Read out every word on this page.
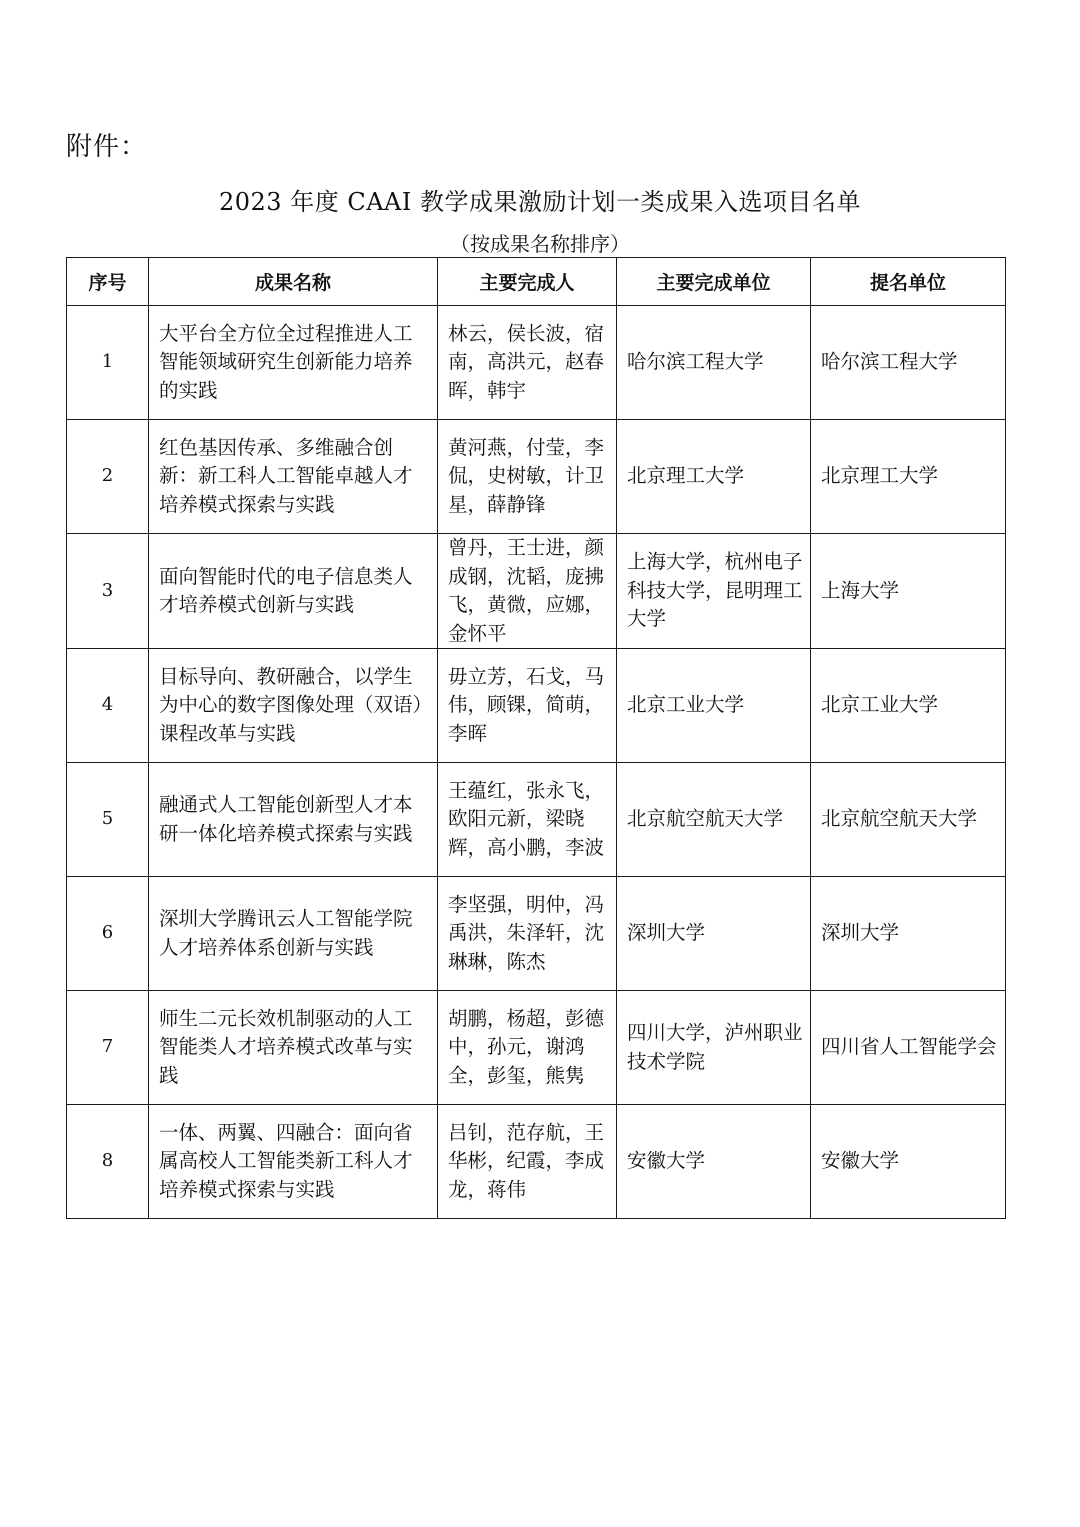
附件：
2023 年度 CAAI 教学成果激励计划一类成果入选项目名单
（按成果名称排序）
序号	成果名称	主要完成人	主要完成单位	提名单位
1	大平台全方位全过程推进人工智能领域研究生创新能力培养的实践	林云，侯长波，宿南，高洪元，赵春晖，韩宇	哈尔滨工程大学	哈尔滨工程大学
2	红色基因传承、多维融合创新：新工科人工智能卓越人才培养模式探索与实践	黄河燕，付莹，李侃，史树敏，计卫星，薛静锋	北京理工大学	北京理工大学
3	面向智能时代的电子信息类人才培养模式创新与实践	曾丹，王士进，颜成钢，沈韬，庞拂飞，黄微，应娜，金怀平	上海大学，杭州电子科技大学，昆明理工大学	上海大学
4	目标导向、教研融合，以学生为中心的数字图像处理（双语）课程改革与实践	毋立芳，石戈，马伟，顾锞，简萌，李晖	北京工业大学	北京工业大学
5	融通式人工智能创新型人才本研一体化培养模式探索与实践	王蕴红，张永飞，欧阳元新，梁晓辉，高小鹏，李波	北京航空航天大学	北京航空航天大学
6	深圳大学腾讯云人工智能学院人才培养体系创新与实践	李坚强，明仲，冯禹洪，朱泽轩，沈琳琳，陈杰	深圳大学	深圳大学
7	师生二元长效机制驱动的人工智能类人才培养模式改革与实践	胡鹏，杨超，彭德中，孙元，谢鸿全，彭玺，熊隽	四川大学，泸州职业技术学院	四川省人工智能学会
8	一体、两翼、四融合：面向省属高校人工智能类新工科人才培养模式探索与实践	吕钊，范存航，王华彬，纪霞，李成龙，蒋伟	安徽大学	安徽大学
